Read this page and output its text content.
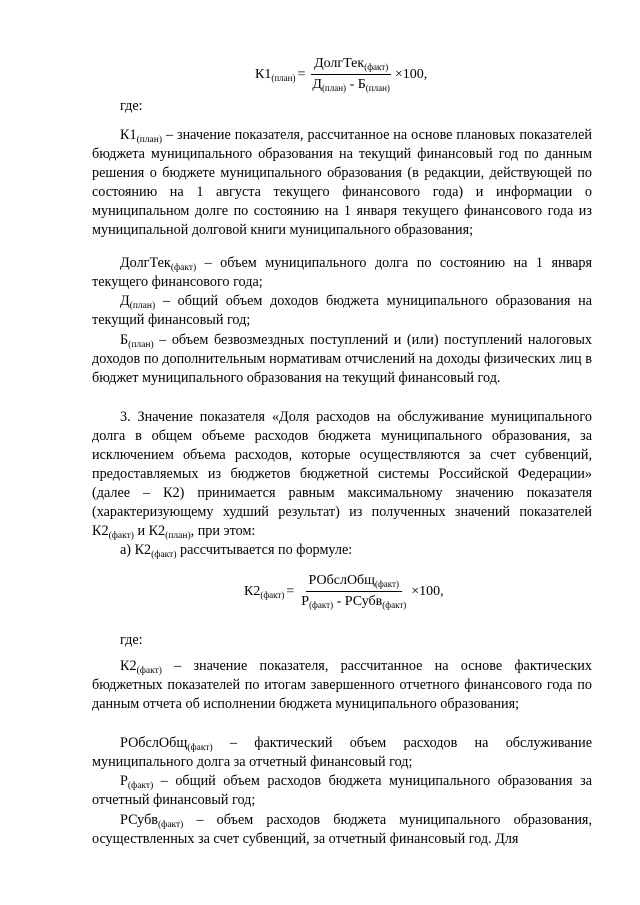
$К1_{(план)} = \frac{ДолгТек_{(факт)}}{Д_{(план)} - Б_{(план)}} \times 100$,
где:
$К1_{(план)}$ – значение показателя, рассчитанное на основе плановых показателей бюджета муниципального образования на текущий финансовый год по данным решения о бюджете муниципального образования (в редакции, действующей по состоянию на 1 августа текущего финансового года) и информации о муниципальном долге по состоянию на 1 января текущего финансового года из муниципальной долговой книги муниципального образования;
ДолгТек$_{(факт)}$ – объем муниципального долга по состоянию на 1 января текущего финансового года;
$Д_{(план)}$ – общий объем доходов бюджета муниципального образования на текущий финансовый год;
$Б_{(план)}$ – объем безвозмездных поступлений и (или) поступлений налоговых доходов по дополнительным нормативам отчислений на доходы физических лиц в бюджет муниципального образования на текущий финансовый год.
3. Значение показателя «Доля расходов на обслуживание муниципального долга в общем объеме расходов бюджета муниципального образования, за исключением объема расходов, которые осуществляются за счет субвенций, предоставляемых из бюджетов бюджетной системы Российской Федерации» (далее – К2) принимается равным максимальному значению показателя (характеризующему худший результат) из полученных значений показателей $К2_{(факт)}$ и $К2_{(план)}$, при этом:
а) $К2_{(факт)}$ рассчитывается по формуле:
$К2_{(факт)} = \frac{РОбслОбщ_{(факт)}}{Р_{(факт)} - РСубв_{(факт)}} \times 100$,
где:
$К2_{(факт)}$ – значение показателя, рассчитанное на основе фактических бюджетных показателей по итогам завершенного отчетного финансового года по данным отчета об исполнении бюджета муниципального образования;
РОбслОбщ$_{(факт)}$ – фактический объем расходов на обслуживание муниципального долга за отчетный финансовый год;
$Р_{(факт)}$ – общий объем расходов бюджета муниципального образования за отчетный финансовый год;
РСубв$_{(факт)}$ – объем расходов бюджета муниципального образования, осуществленных за счет субвенций, за отчетный финансовый год. Для
